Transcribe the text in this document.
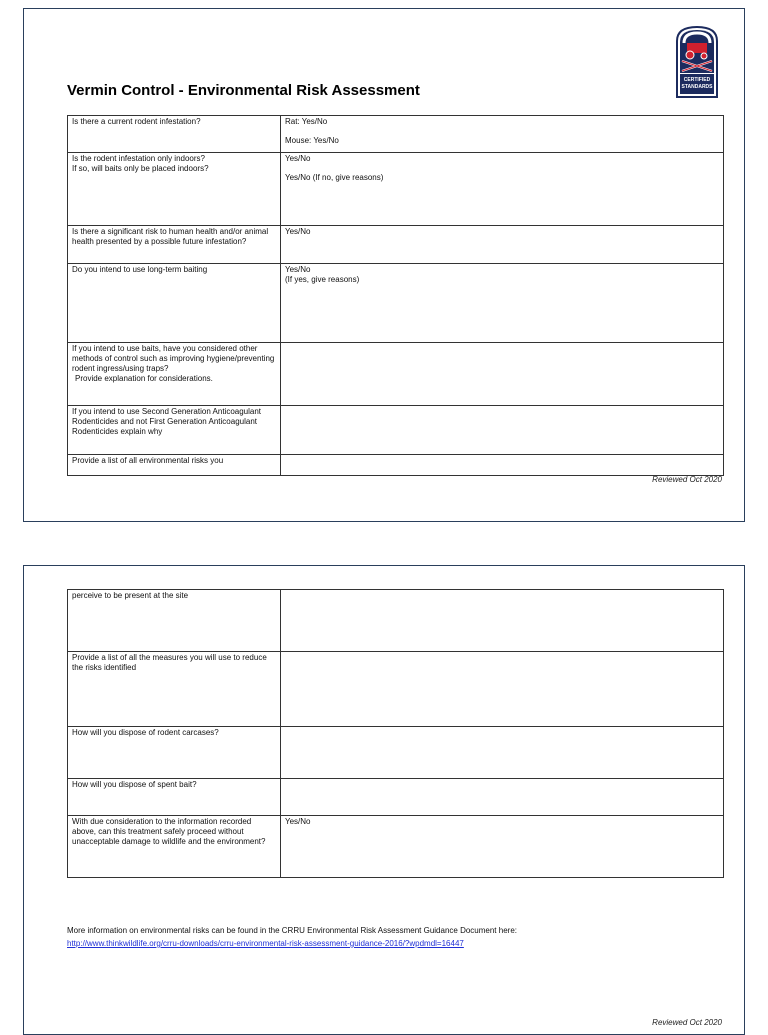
Vermin Control - Environmental Risk Assessment
CERTIFIED
STANDARDS
Is there a current rodent infestation?	Rat: Yes/No
Mouse: Yes/No
Is the rodent infestation only indoors?
If so, will baits only be placed indoors?	Yes/No
Yes/No (If no, give reasons)
Is there a significant risk to human health and/or animal health presented by a possible future infestation?	Yes/No
Do you intend to use long-term baiting	Yes/No
(If yes, give reasons)
If you intend to use baits, have you considered other methods of control such as improving hygiene/preventing rodent ingress/using traps?
Provide explanation for considerations.	
If you intend to use Second Generation Anticoagulant Rodenticides and not First Generation Anticoagulant Rodenticides explain why	
Provide a list of all environmental risks you	
Reviewed Oct 2020
perceive to be present at the site	
Provide a list of all the measures you will use to reduce the risks identified	
How will you dispose of rodent carcases?	
How will you dispose of spent bait?	
With due consideration to the information recorded above, can this treatment safely proceed without unacceptable damage to wildlife and the environment?	Yes/No
More information on environmental risks can be found in the CRRU Environmental Risk Assessment Guidance Document here:
http://www.thinkwildlife.org/crru-downloads/crru-environmental-risk-assessment-guidance-2016/?wpdmdl=16447
Reviewed Oct 2020
